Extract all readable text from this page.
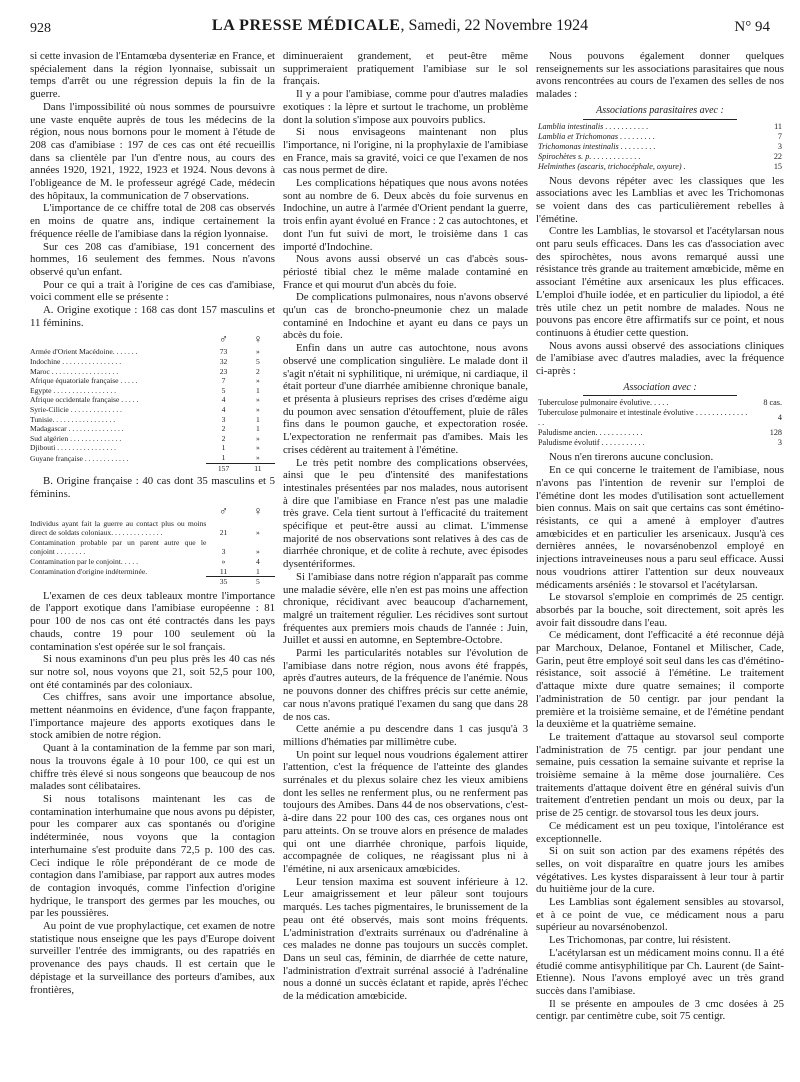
928	LA PRESSE MÉDICALE, Samedi, 22 Novembre 1924	N° 94

si cette invasion de l'Entamœba dysenteriæ en France, et spécialement dans la région lyonnaise, subissait un temps d'arrêt ou une régression depuis la fin de la guerre.

Dans l'impossibilité où nous sommes de poursuivre une vaste enquête auprès de tous les médecins de la région, nous nous bornons pour le moment à l'étude de 208 cas d'amibiase : 197 de ces cas ont été recueillis dans sa clientèle par l'un d'entre nous, au cours des années 1920, 1921, 1922, 1923 et 1924. Nous devons à l'obligeance de M. le professeur agrégé Cade, médecin des hôpitaux, la communication de 7 observations.

L'importance de ce chiffre total de 208 cas observés en moins de quatre ans, indique certainement la fréquence réelle de l'amibiase dans la région lyonnaise.

Sur ces 208 cas d'amibiase, 191 concernent des hommes, 16 seulement des femmes. Nous n'avons observé qu'un enfant.

Pour ce qui a trait à l'origine de ces cas d'amibiase, voici comment elle se présente :

A. Origine exotique : 168 cas dont 157 masculins et 11 féminins.

	♂	♀
Armée d'Orient Macédoine. . . . . . .	73	»
Indochine . . . . . . . . . . . . . . . .	32	5
Maroc . . . . . . . . . . . . . . . . . .	23	2
Afrique équatoriale française . . . . .	7	»
Egypte . . . . . . . . . . . . . . . . .	5	1
Afrique occidentale française . . . . .	4	»
Syrie-Cilicie . . . . . . . . . . . . . .	4	»
Tunisie. . . . . . . . . . . . . . . . .	3	1
Madagascar . . . . . . . . . . . . . . .	2	1
Sud algérien . . . . . . . . . . . . . .	2	»
Djibouti . . . . . . . . . . . . . . . .	1	»
Guyane française . . . . . . . . . . . .	1	»
	157	11

B. Origine française : 40 cas dont 35 masculins et 5 féminins.

	♂	♀
Individus ayant fait la guerre au contact plus ou moins direct de soldats coloniaux. . . . . . . . . . . . . .	21	»
Contamination probable par un parent autre que le conjoint . . . . . . . .	3	»
Contamination par le conjoint. . . . .	»	4
Contamination d'origine indéterminée.	11	1
	35	5

L'examen de ces deux tableaux montre l'importance de l'apport exotique dans l'amibiase européenne : 81 pour 100 de nos cas ont été contractés dans les pays chauds, contre 19 pour 100 seulement où la contamination s'est opérée sur le sol français.

Si nous examinons d'un peu plus près les 40 cas nés sur notre sol, nous voyons que 21, soit 52,5 pour 100, ont été contaminés par des coloniaux.

Ces chiffres, sans avoir une importance absolue, mettent néanmoins en évidence, d'une façon frappante, l'importance majeure des apports exotiques dans le stock amibien de notre région.

Quant à la contamination de la femme par son mari, nous la trouvons égale à 10 pour 100, ce qui est un chiffre très élevé si nous songeons que beaucoup de nos malades sont célibataires.

Si nous totalisons maintenant les cas de contamination interhumaine que nous avons pu dépister, pour les comparer aux cas spontanés ou d'origine indéterminée, nous voyons que la contagion interhumaine s'est produite dans 72,5 p. 100 des cas. Ceci indique le rôle prépondérant de ce mode de contagion dans l'amibiase, par rapport aux autres modes de contagion invoqués, comme l'infection d'origine hydrique, le transport des germes par les mouches, ou par les poussières.

Au point de vue prophylactique, cet examen de notre statistique nous enseigne que les pays d'Europe doivent surveiller l'entrée des immigrants, ou des rapatriés en provenance des pays chauds. Il est certain que le dépistage et la surveillance des porteurs d'amibes, aux frontières,

diminueraient grandement, et peut-être même supprimeraient pratiquement l'amibiase sur le sol français.

Il y a pour l'amibiase, comme pour d'autres maladies exotiques : la lèpre et surtout le trachome, un problème dont la solution s'impose aux pouvoirs publics.

Si nous envisageons maintenant non plus l'importance, ni l'origine, ni la prophylaxie de l'amibiase en France, mais sa gravité, voici ce que l'examen de nos cas nous permet de dire.

Les complications hépatiques que nous avons notées sont au nombre de 6. Deux abcès du foie survenus en Indochine, un autre à l'armée d'Orient pendant la guerre, trois enfin ayant évolué en France : 2 cas autochtones, et dont l'un fut suivi de mort, le troisième dans 1 cas importé d'Indochine.

Nous avons aussi observé un cas d'abcès sous-périosté tibial chez le même malade contaminé en France et qui mourut d'un abcès du foie.

De complications pulmonaires, nous n'avons observé qu'un cas de broncho-pneumonie chez un malade contaminé en Indochine et ayant eu dans ce pays un abcès du foie.

Enfin dans un autre cas autochtone, nous avons observé une complication singulière. Le malade dont il s'agit n'était ni syphilitique, ni urémique, ni cardiaque, il était porteur d'une diarrhée amibienne chronique banale, et présenta à plusieurs reprises des crises d'œdème aigu du poumon avec sensation d'étouffement, pluie de râles fins dans le poumon gauche, et expectoration rosée. L'expectoration ne renfermait pas d'amibes. Mais les crises cédèrent au traitement à l'émétine.

Le très petit nombre des complications observées, ainsi que le peu d'intensité des manifestations intestinales présentées par nos malades, nous autorisent à dire que l'amibiase en France n'est pas une maladie très grave. Cela tient surtout à l'efficacité du traitement spécifique et peut-être aussi au climat. L'immense majorité de nos observations sont relatives à des cas de diarrhée chronique, et de colite à rechute, avec épisodes dysentériformes.

Si l'amibiase dans notre région n'apparaît pas comme une maladie sévère, elle n'en est pas moins une affection chronique, récidivant avec beaucoup d'acharnement, malgré un traitement régulier. Les récidives sont surtout fréquentes aux premiers mois chauds de l'année : Juin, Juillet et aussi en automne, en Septembre-Octobre.

Parmi les particularités notables sur l'évolution de l'amibiase dans notre région, nous avons été frappés, après d'autres auteurs, de la fréquence de l'anémie. Nous ne pouvons donner des chiffres précis sur cette anémie, car nous n'avons pratiqué l'examen du sang que dans 28 de nos cas.

Cette anémie a pu descendre dans 1 cas jusqu'à 3 millions d'hématies par millimètre cube.

Un point sur lequel nous voudrions également attirer l'attention, c'est la fréquence de l'atteinte des glandes surrénales et du plexus solaire chez les vieux amibiens dont les selles ne renferment plus, ou ne renferment pas toujours des Amibes. Dans 44 de nos observations, c'est-à-dire dans 22 pour 100 des cas, ces organes nous ont paru atteints. On se trouve alors en présence de malades qui ont une diarrhée chronique, parfois liquide, accompagnée de coliques, ne réagissant plus ni à l'émétine, ni aux arsenicaux amœbicides.

Leur tension maxima est souvent inférieure à 12. Leur amaigrissement et leur pâleur sont toujours marqués. Les taches pigmentaires, le brunissement de la peau ont été observés, mais sont moins fréquents. L'administration d'extraits surrénaux ou d'adrénaline à ces malades ne donne pas toujours un succès complet. Dans un seul cas, féminin, de diarrhée de cette nature, l'administration d'extrait surrénal associé à l'adrénaline nous a donné un succès éclatant et rapide, après l'échec de la médication amœbicide.

Nous pouvons également donner quelques renseignements sur les associations parasitaires que nous avons rencontrées au cours de l'examen des selles de nos malades :

Associations parasitaires avec :
Lamblia intestinalis . . . . . . . . . . .	11
Lamblia et Trichomonas . . . . . . . . .	7
Trichomonas intestinalis . . . . . . . . .	3
Spirochètes s. p. . . . . . . . . . . . .	22
Helminthes (ascaris, trichocéphale, oxyure) .	15

Nous devons répéter avec les classiques que les associations avec les Lamblias et avec les Trichomonas se voient dans des cas particulièrement rebelles à l'émétine.

Contre les Lamblias, le stovarsol et l'acétylarsan nous ont paru seuls efficaces. Dans les cas d'association avec des spirochètes, nous avons remarqué aussi une résistance très grande au traitement amœbicide, même en associant l'émétine aux arsenicaux les plus efficaces. L'emploi d'huile iodée, et en particulier du lipiodol, a été très utile chez un petit nombre de malades. Nous ne pouvons pas encore être affirmatifs sur ce point, et nous continuons à étudier cette question.

Nous avons aussi observé des associations cliniques de l'amibiase avec d'autres maladies, avec la fréquence ci-après :

Association avec :
Tuberculose pulmonaire évolutive. . . . .	8 cas.
Tuberculose pulmonaire et intestinale évolutive . . . . . . . . . . . . . . .	4
Paludisme ancien. . . . . . . . . . . .	128
Paludisme évolutif . . . . . . . . . . .	3

Nous n'en tirerons aucune conclusion.

En ce qui concerne le traitement de l'amibiase, nous n'avons pas l'intention de revenir sur l'emploi de l'émétine dont les modes d'utilisation sont actuellement bien connus. Mais on sait que certains cas sont émétino-résistants, ce qui a amené à employer d'autres amœbicides et en particulier les arsenicaux. Jusqu'à ces dernières années, le novarsénobenzol employé en injections intraveineuses nous a paru seul efficace. Aussi nous voudrions attirer l'attention sur deux nouveaux médicaments arséniés : le stovarsol et l'acétylarsan.

Le stovarsol s'emploie en comprimés de 25 centigr. absorbés par la bouche, soit directement, soit après les avoir fait dissoudre dans l'eau.

Ce médicament, dont l'efficacité a été reconnue déjà par Marchoux, Delanoe, Fontanel et Milischer, Cade, Garin, peut être employé soit seul dans les cas d'émétino-résistance, soit associé à l'émétine. Le traitement d'attaque mixte dure quatre semaines; il comporte l'administration de 50 centigr. par jour pendant la première et la troisième semaine, et de l'émétine pendant la deuxième et la quatrième semaine.

Le traitement d'attaque au stovarsol seul comporte l'administration de 75 centigr. par jour pendant une semaine, puis cessation la semaine suivante et reprise la troisième semaine à la même dose journalière. Ces traitements d'attaque doivent être en général suivis d'un traitement d'entretien pendant un mois ou deux, par la prise de 25 centigr. de stovarsol tous les deux jours.

Ce médicament est un peu toxique, l'intolérance est exceptionnelle.

Si on suit son action par des examens répétés des selles, on voit disparaître en quatre jours les amibes végétatives. Les kystes disparaissent à leur tour à partir du huitième jour de la cure.

Les Lamblias sont également sensibles au stovarsol, et à ce point de vue, ce médicament nous a paru supérieur au novarsénobenzol.

Les Trichomonas, par contre, lui résistent.

L'acétylarsan est un médicament moins connu. Il a été étudié comme antisyphilitique par Ch. Laurent (de Saint-Etienne). Nous l'avons employé avec un très grand succès dans l'amibiase.

Il se présente en ampoules de 3 cmc dosées à 25 centigr. par centimètre cube, soit 75 centigr.
